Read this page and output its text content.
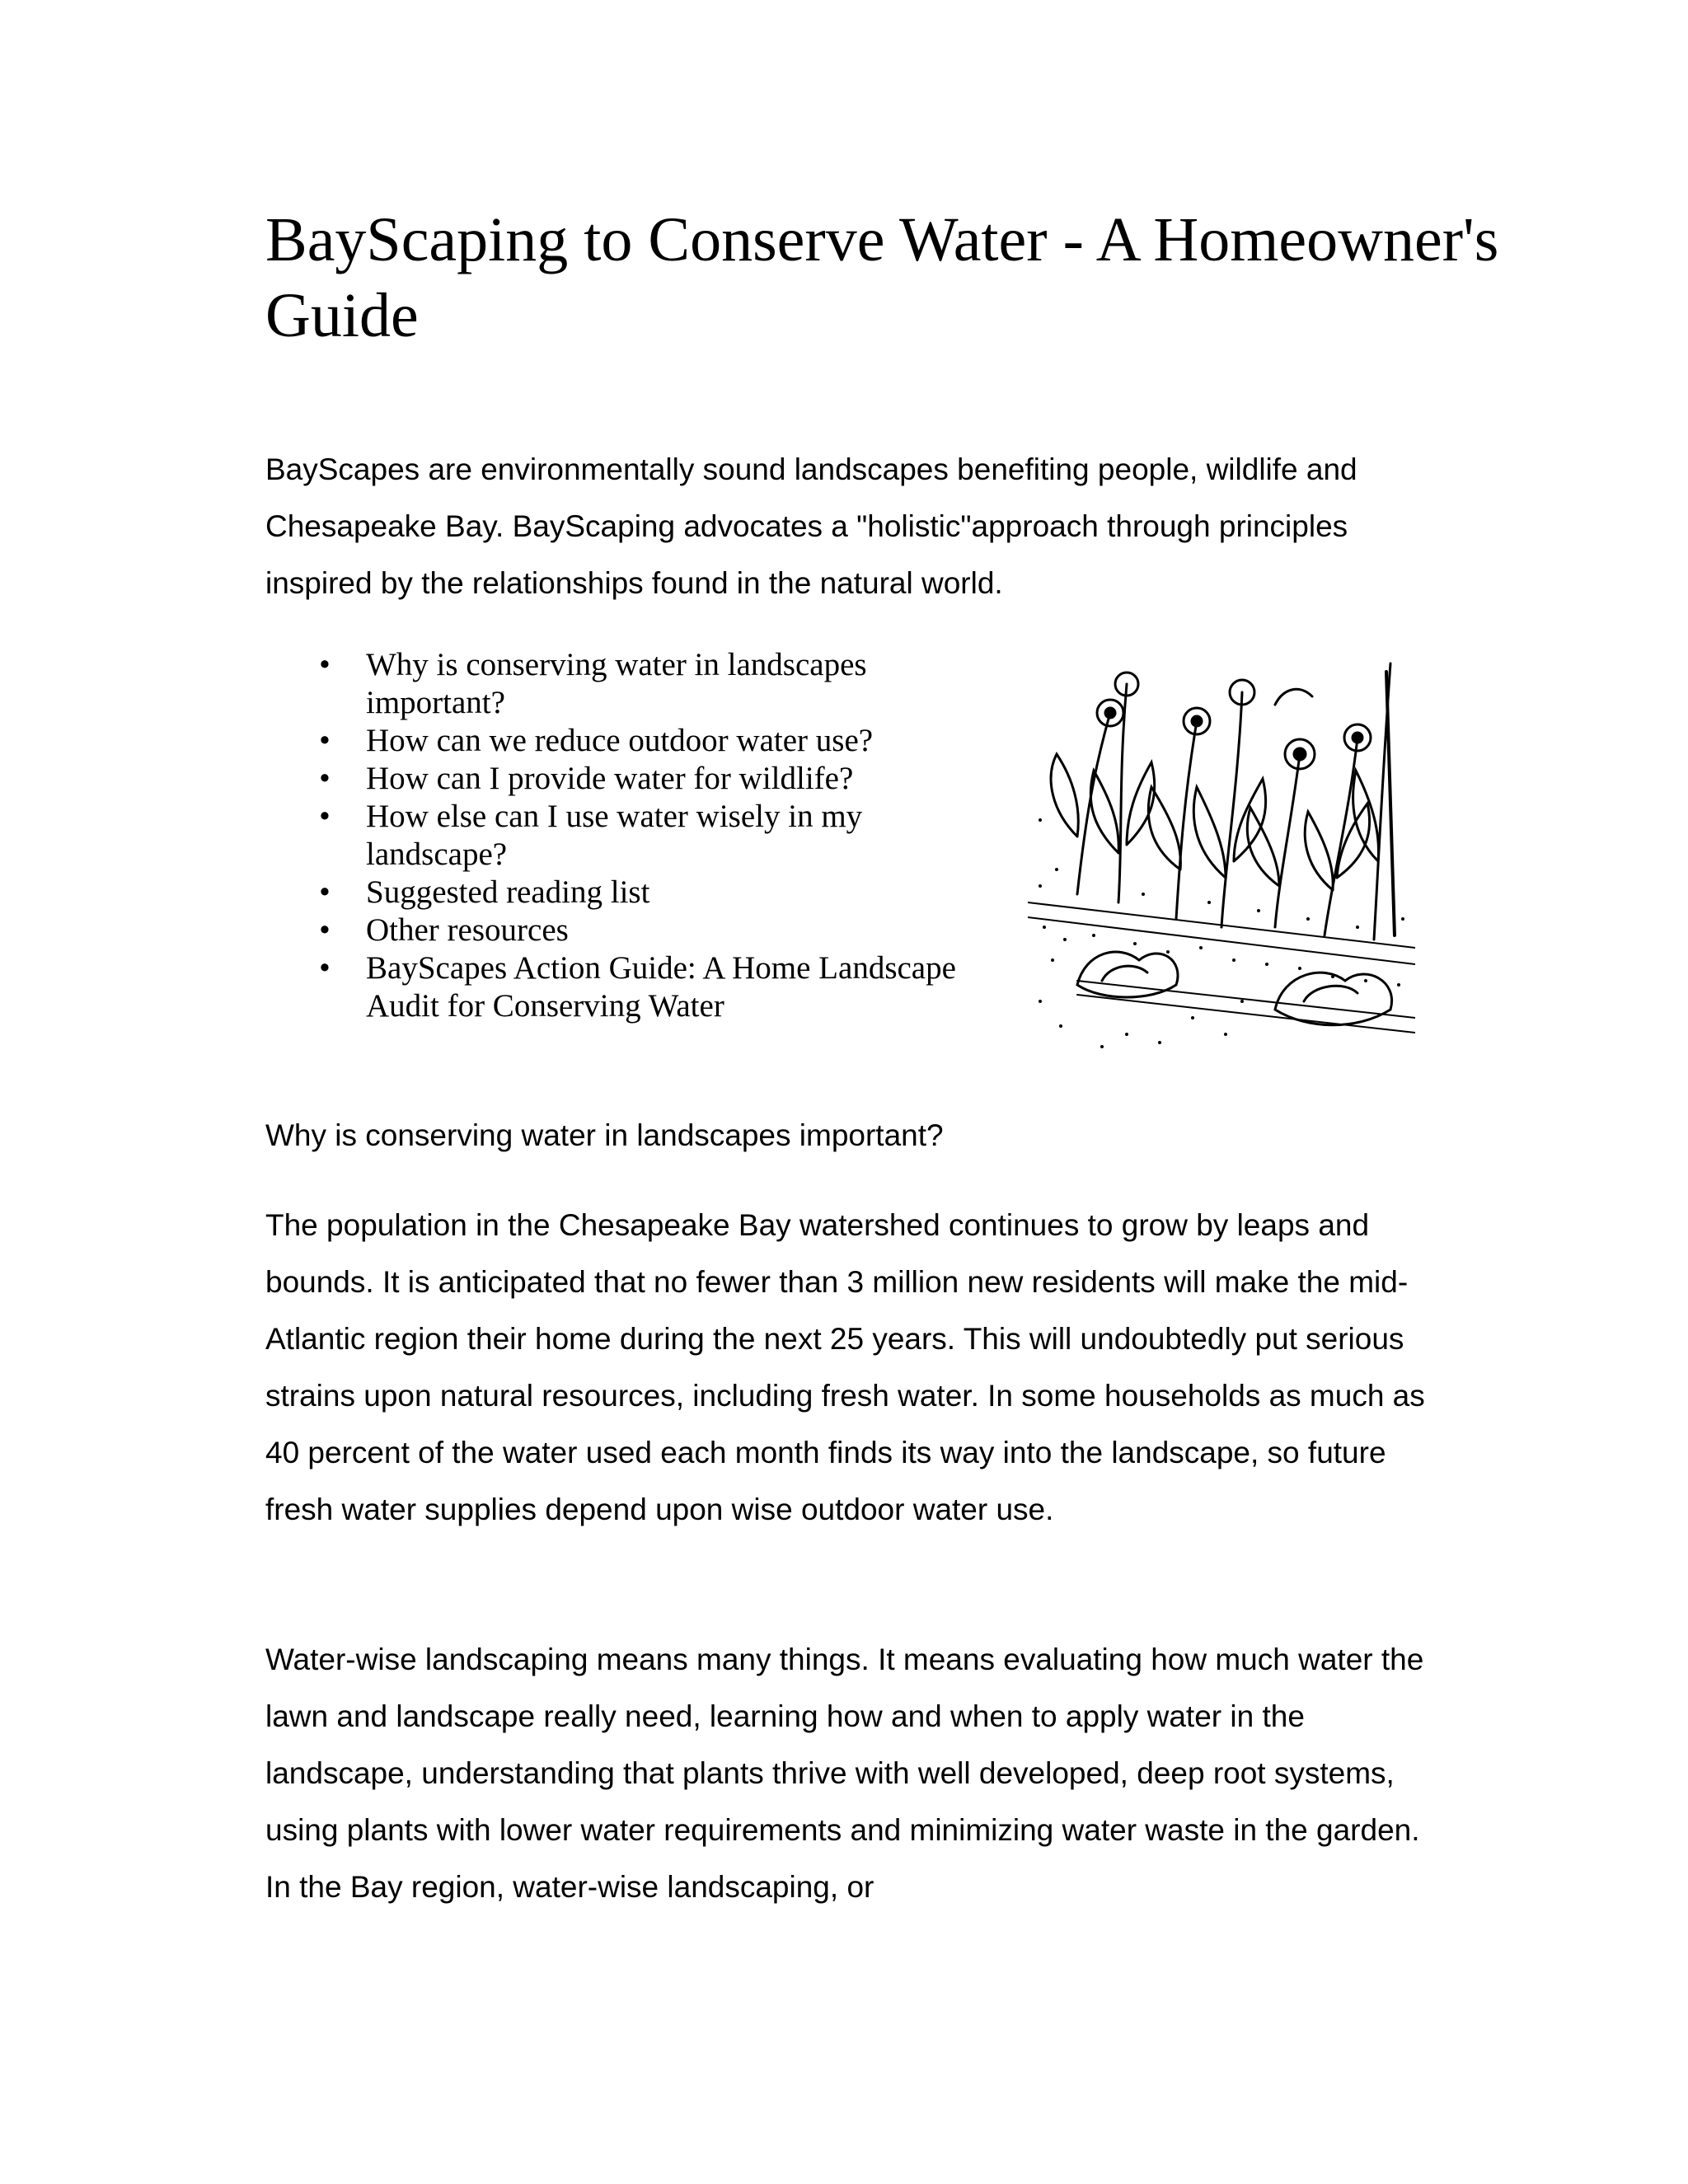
BayScaping to Conserve Water - A Homeowner's Guide

BayScapes are environmentally sound landscapes benefiting people, wildlife and Chesapeake Bay. BayScaping advocates a "holistic"approach through principles inspired by the relationships found in the natural world.

• Why is conserving water in landscapes important?
• How can we reduce outdoor water use?
• How can I provide water for wildlife?
• How else can I use water wisely in my landscape?
• Suggested reading list
• Other resources
• BayScapes Action Guide: A Home Landscape Audit for Conserving Water
Why is conserving water in landscapes important?

The population in the Chesapeake Bay watershed continues to grow by leaps and bounds. It is anticipated that no fewer than 3 million new residents will make the mid-Atlantic region their home during the next 25 years. This will undoubtedly put serious strains upon natural resources, including fresh water. In some households as much as 40 percent of the water used each month finds its way into the landscape, so future fresh water supplies depend upon wise outdoor water use.

Water-wise landscaping means many things. It means evaluating how much water the lawn and landscape really need, learning how and when to apply water in the landscape, understanding that plants thrive with well developed, deep root systems, using plants with lower water requirements and minimizing water waste in the garden. In the Bay region, water-wise landscaping, or
